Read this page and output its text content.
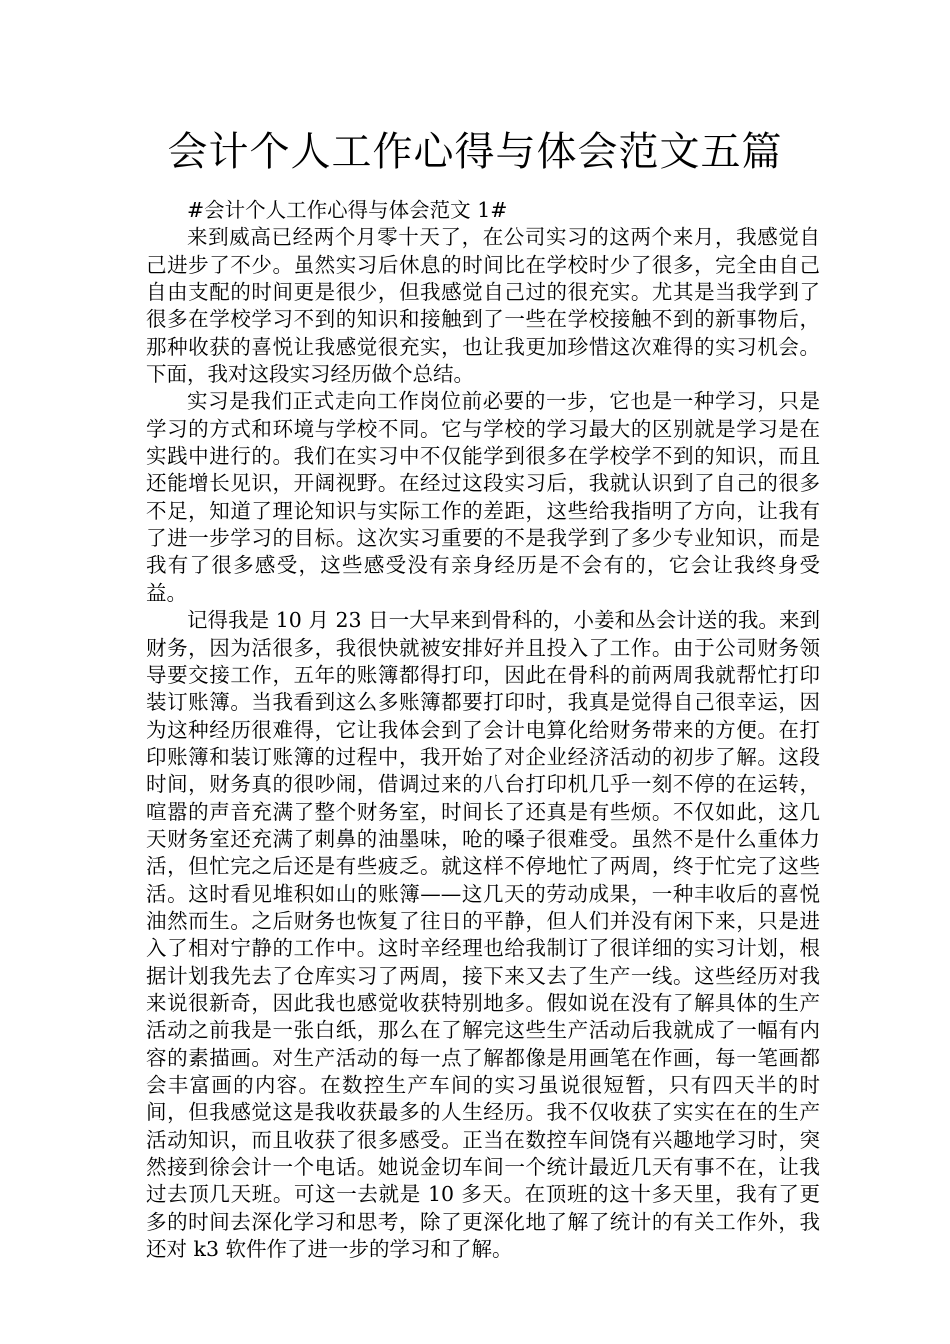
会计个人工作心得与体会范文五篇
#会计个人工作心得与体会范文 1#

来到威高已经两个月零十天了，在公司实习的这两个来月，我感觉自己进步了不少。虽然实习后休息的时间比在学校时少了很多，完全由自己自由支配的时间更是很少，但我感觉自己过的很充实。尤其是当我学到了很多在学校学习不到的知识和接触到了一些在学校接触不到的新事物后，那种收获的喜悦让我感觉很充实，也让我更加珍惜这次难得的实习机会。下面，我对这段实习经历做个总结。

实习是我们正式走向工作岗位前必要的一步，它也是一种学习，只是学习的方式和环境与学校不同。它与学校的学习最大的区别就是学习是在实践中进行的。我们在实习中不仅能学到很多在学校学不到的知识，而且还能增长见识，开阔视野。在经过这段实习后，我就认识到了自己的很多不足，知道了理论知识与实际工作的差距，这些给我指明了方向，让我有了进一步学习的目标。这次实习重要的不是我学到了多少专业知识，而是我有了很多感受，这些感受没有亲身经历是不会有的，它会让我终身受益。

记得我是 10 月 23 日一大早来到骨科的，小姜和丛会计送的我。来到财务，因为活很多，我很快就被安排好并且投入了工作。由于公司财务领导要交接工作，五年的账簿都得打印，因此在骨科的前两周我就帮忙打印装订账簿。当我看到这么多账簿都要打印时，我真是觉得自己很幸运，因为这种经历很难得，它让我体会到了会计电算化给财务带来的方便。在打印账簿和装订账簿的过程中，我开始了对企业经济活动的初步了解。这段时间，财务真的很吵闹，借调过来的八台打印机几乎一刻不停的在运转，喧嚣的声音充满了整个财务室，时间长了还真是有些烦。不仅如此，这几天财务室还充满了刺鼻的油墨味，呛的嗓子很难受。虽然不是什么重体力活，但忙完之后还是有些疲乏。就这样不停地忙了两周，终于忙完了这些活。这时看见堆积如山的账簿——这几天的劳动成果，一种丰收后的喜悦油然而生。之后财务也恢复了往日的平静，但人们并没有闲下来，只是进入了相对宁静的工作中。这时辛经理也给我制订了很详细的实习计划，根据计划我先去了仓库实习了两周，接下来又去了生产一线。这些经历对我来说很新奇，因此我也感觉收获特别地多。假如说在没有了解具体的生产活动之前我是一张白纸，那么在了解完这些生产活动后我就成了一幅有内容的素描画。对生产活动的每一点了解都像是用画笔在作画，每一笔画都会丰富画的内容。在数控生产车间的实习虽说很短暂，只有四天半的时间，但我感觉这是我收获最多的人生经历。我不仅收获了实实在在的生产活动知识，而且收获了很多感受。正当在数控车间饶有兴趣地学习时，突然接到徐会计一个电话。她说金切车间一个统计最近几天有事不在，让我过去顶几天班。可这一去就是 10 多天。在顶班的这十多天里，我有了更多的时间去深化学习和思考，除了更深化地了解了统计的有关工作外，我还对 k3 软件作了进一步的学习和了解。
